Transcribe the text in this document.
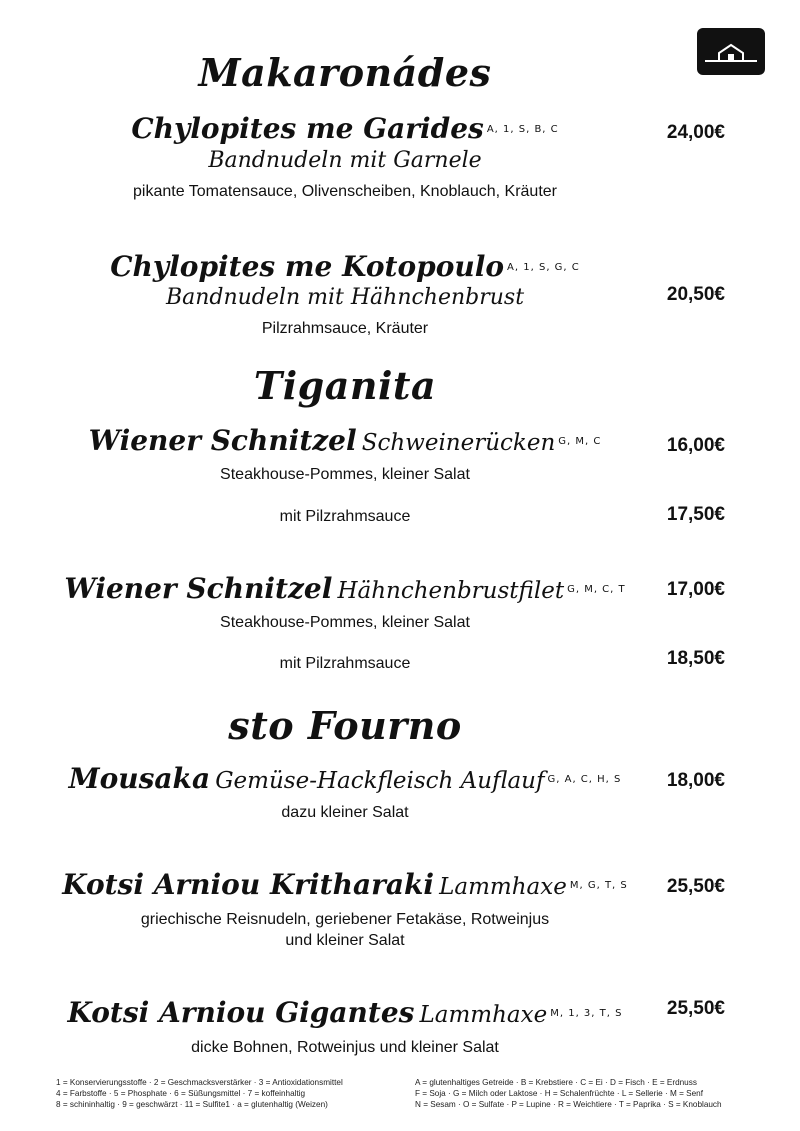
Makaronádes
Chylopites me Garides $^{A, 1, S, B, C}$
Bandnudeln mit Garnele
pikante Tomatensauce, Olivenscheiben, Knoblauch, Kräuter
24,00€
Chylopites me Kotopoulo $^{A, 1, S, G, C}$
Bandnudeln mit Hähnchenbrust
Pilzrahmsauce, Kräuter
20,50€
Tiganita
Wiener Schnitzel Schweinerücken $^{G, M, C}$
Steakhouse-Pommes, kleiner Salat
16,00€
mit Pilzrahmsauce	17,50€
Wiener Schnitzel Hähnchenbrustfilet $^{G, M, C, T}$
Steakhouse-Pommes, kleiner Salat
17,00€
mit Pilzrahmsauce	18,50€
sto Fourno
Mousaka Gemüse-Hackfleisch Auflauf $^{G, A, C, H, S}$
dazu kleiner Salat
18,00€
Kotsi Arniou Kritharaki Lammhaxe $^{M, G, T, S}$
griechische Reisnudeln, geriebener Fetakäse, Rotweinjus
und kleiner Salat
25,50€
Kotsi Arniou Gigantes Lammhaxe $^{M, 1, 3, T, S}$
dicke Bohnen, Rotweinjus und kleiner Salat
25,50€
1 = Konservierungsstoffe · 2 = Geschmacksverstärker · 3 = Antioxidationsmittel
4 = Farbstoffe · 5 = Phosphate · 6 = Süßungsmittel · 7 = koffeinhaltig
8 = schininhaltig · 9 = geschwärzt · 11 = Sulfite1 · a = glutenhaltig (Weizen)
A = glutenhaltiges Getreide · B = Krebstiere · C = Ei · D = Fisch · E = Erdnuss
F = Soja · G = Milch oder Laktose · H = Schalenfrüchte · L = Sellerie · M = Senf
N = Sesam · O = Sulfate · P = Lupine · R = Weichtiere · T = Paprika · S = Knoblauch
